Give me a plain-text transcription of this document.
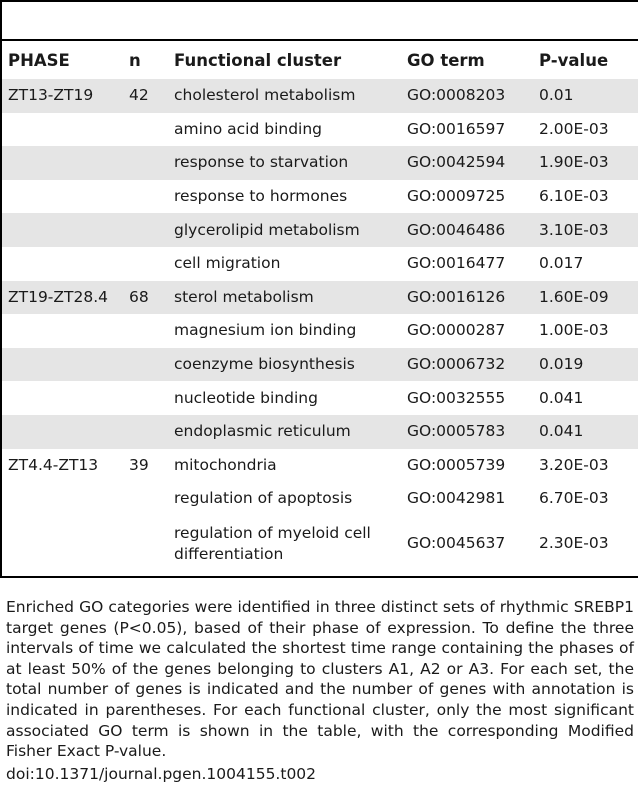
PHASE	n	Functional cluster	GO term	P-value
ZT13-ZT19	42	cholesterol metabolism	GO:0008203	0.01
		amino acid binding	GO:0016597	2.00E-03
		response to starvation	GO:0042594	1.90E-03
		response to hormones	GO:0009725	6.10E-03
		glycerolipid metabolism	GO:0046486	3.10E-03
		cell migration	GO:0016477	0.017
ZT19-ZT28.4	68	sterol metabolism	GO:0016126	1.60E-09
		magnesium ion binding	GO:0000287	1.00E-03
		coenzyme biosynthesis	GO:0006732	0.019
		nucleotide binding	GO:0032555	0.041
		endoplasmic reticulum	GO:0005783	0.041
ZT4.4-ZT13	39	mitochondria	GO:0005739	3.20E-03
		regulation of apoptosis	GO:0042981	6.70E-03
		regulation of myeloid cell differentiation	GO:0045637	2.30E-03
Enriched GO categories were identified in three distinct sets of rhythmic SREBP1 target genes (P<0.05), based of their phase of expression. To define the three intervals of time we calculated the shortest time range containing the phases of at least 50% of the genes belonging to clusters A1, A2 or A3. For each set, the total number of genes is indicated and the number of genes with annotation is indicated in parentheses. For each functional cluster, only the most significant associated GO term is shown in the table, with the corresponding Modified Fisher Exact P-value.
doi:10.1371/journal.pgen.1004155.t002
